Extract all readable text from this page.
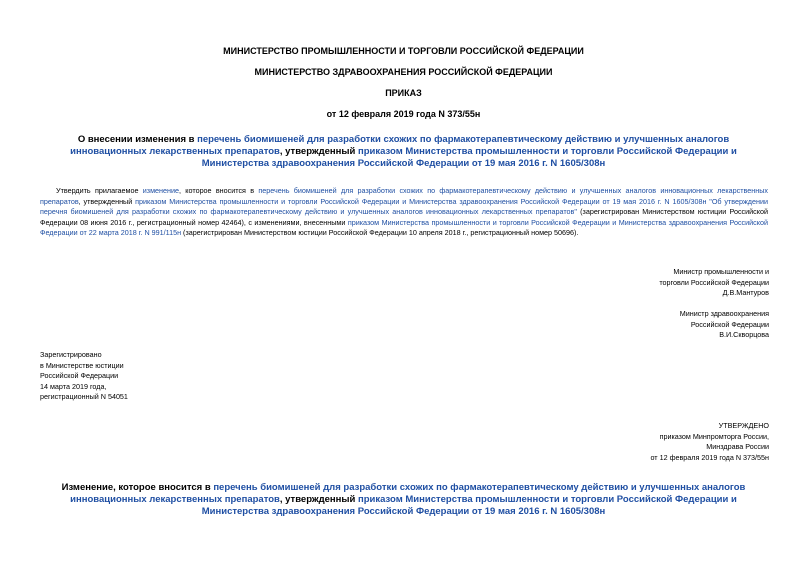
МИНИСТЕРСТВО ПРОМЫШЛЕННОСТИ И ТОРГОВЛИ РОССИЙСКОЙ ФЕДЕРАЦИИ
МИНИСТЕРСТВО ЗДРАВООХРАНЕНИЯ РОССИЙСКОЙ ФЕДЕРАЦИИ
ПРИКАЗ
от 12 февраля 2019 года N 373/55н
О внесении изменения в перечень биомишеней для разработки схожих по фармакотерапевтическому действию и улучшенных аналогов инновационных лекарственных препаратов, утвержденный приказом Министерства промышленности и торговли Российской Федерации и Министерства здравоохранения Российской Федерации от 19 мая 2016 г. N 1605/308н
Утвердить прилагаемое изменение, которое вносится в перечень биомишеней для разработки схожих по фармакотерапевтическому действию и улучшенных аналогов инновационных лекарственных препаратов, утвержденный приказом Министерства промышленности и торговли Российской Федерации и Министерства здравоохранения Российской Федерации от 19 мая 2016 г. N 1605/308н "Об утверждении перечня биомишеней для разработки схожих по фармакотерапевтическому действию и улучшенных аналогов инновационных лекарственных препаратов" (зарегистрирован Министерством юстиции Российской Федерации 08 июня 2016 г., регистрационный номер 42464), с изменениями, внесенными приказом Министерства промышленности и торговли Российской Федерации и Министерства здравоохранения Российской Федерации от 22 марта 2018 г. N 991/115н (зарегистрирован Министерством юстиции Российской Федерации 10 апреля 2018 г., регистрационный номер 50696).
Министр промышленности и
торговли Российской Федерации
Д.В.Мантуров
Министр здравоохранения
Российской Федерации
В.И.Скворцова
Зарегистрировано
в Министерстве юстиции
Российской Федерации
14 марта 2019 года,
регистрационный N 54051
УТВЕРЖДЕНО
приказом Минпромторга России,
Минздрава России
от 12 февраля 2019 года N 373/55н
Изменение, которое вносится в перечень биомишеней для разработки схожих по фармакотерапевтическому действию и улучшенных аналогов инновационных лекарственных препаратов, утвержденный приказом Министерства промышленности и торговли Российской Федерации и Министерства здравоохранения Российской Федерации от 19 мая 2016 г. N 1605/308н
